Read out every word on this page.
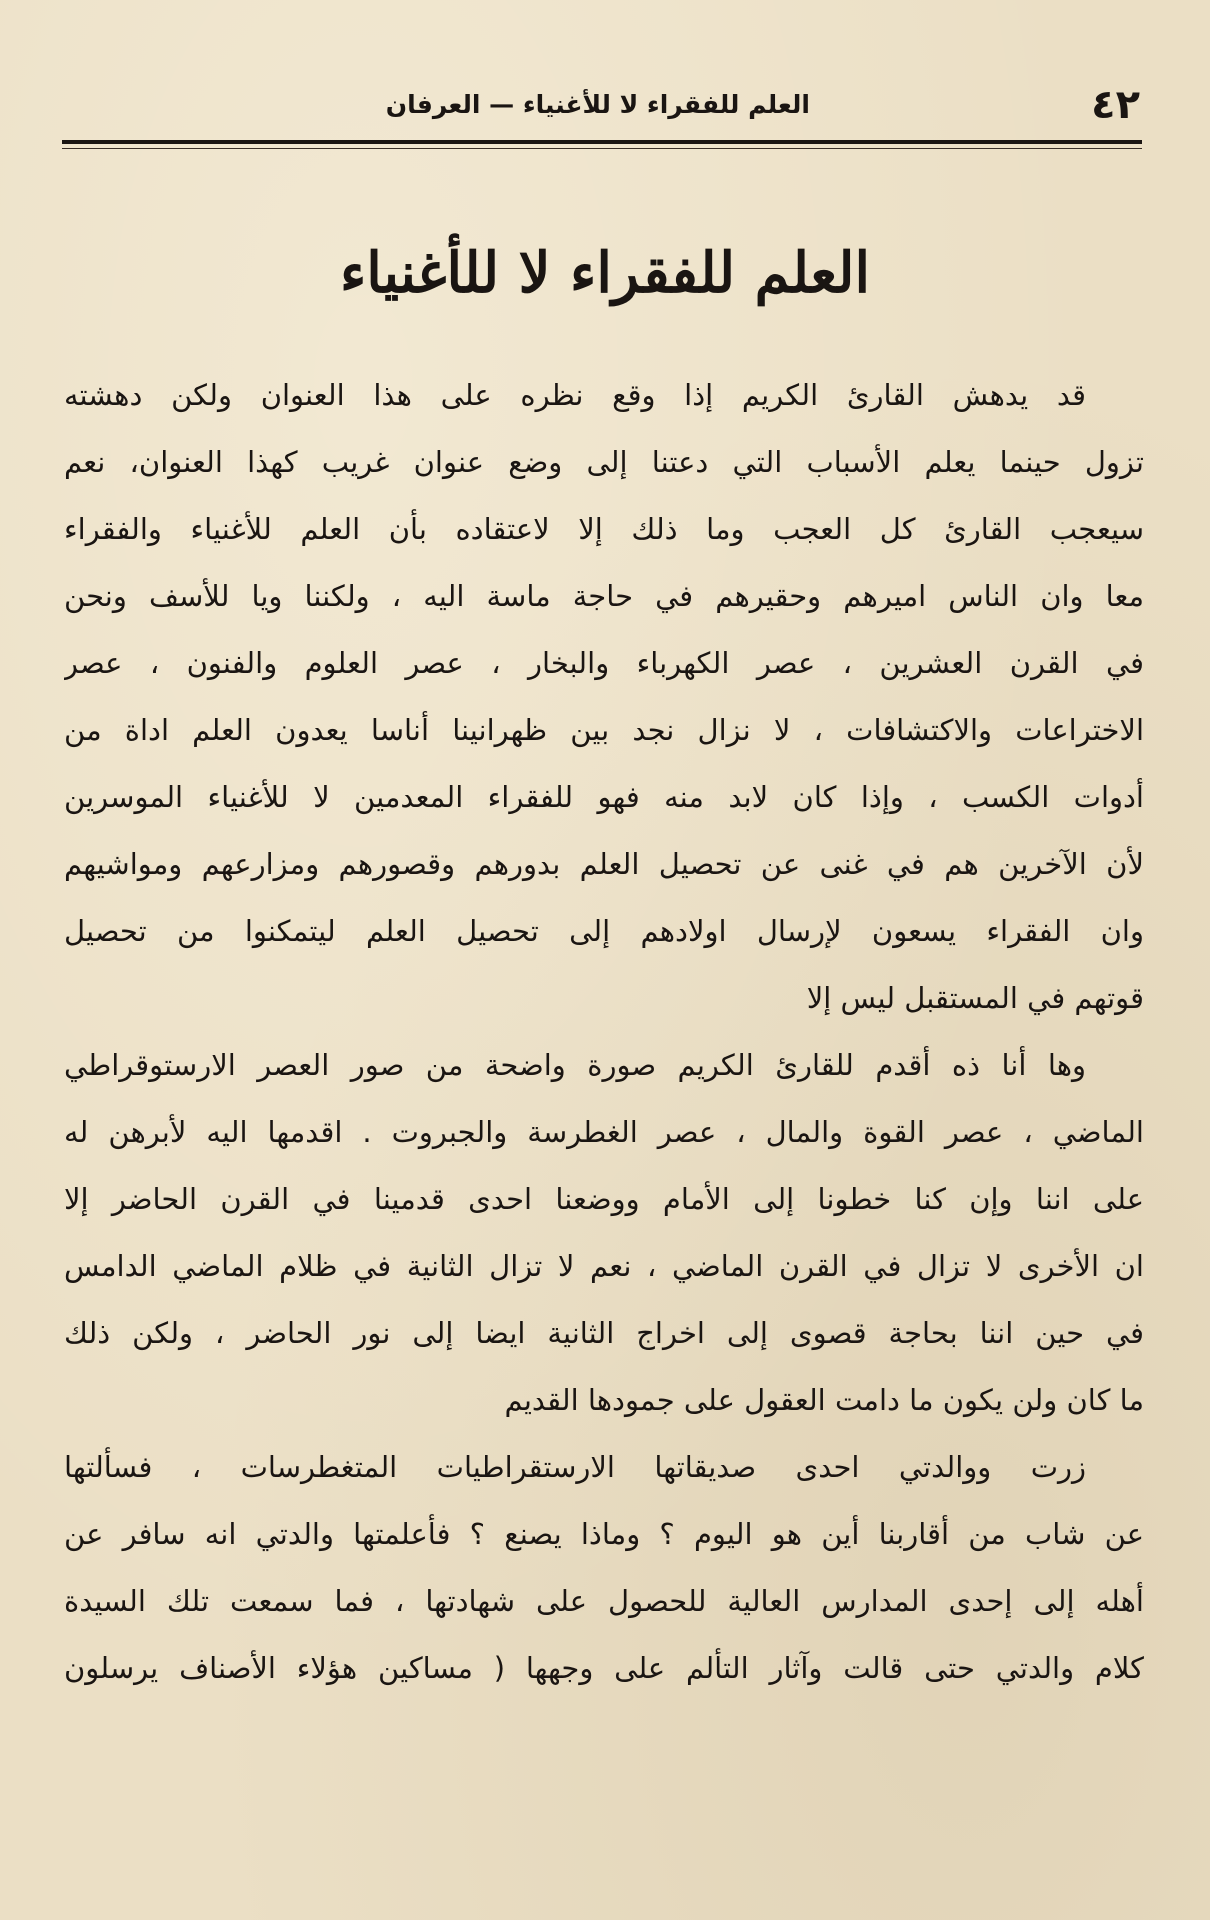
٤٢
العلم للفقراء لا للأغنياء — العرفان
العلم للفقراء لا للأغنياء
قد يدهش القارئ الكريم إذا وقع نظره على هذا العنوان ولكن دهشته
تزول حينما يعلم الأسباب التي دعتنا إلى وضع عنوان غريب كهذا العنوان، نعم
سيعجب القارئ كل العجب وما ذلك إلا لاعتقاده بأن العلم للأغنياء والفقراء
معا وان الناس اميرهم وحقيرهم في حاجة ماسة اليه ، ولكننا ويا للأسف ونحن
في القرن العشرين ، عصر الكهرباء والبخار ، عصر العلوم والفنون ، عصر
الاختراعات والاكتشافات ، لا نزال نجد بين ظهرانينا أناسا يعدون العلم اداة من
أدوات الكسب ، وإذا كان لابد منه فهو للفقراء المعدمين لا للأغنياء الموسرين
لأن الآخرين هم في غنى عن تحصيل العلم بدورهم وقصورهم ومزارعهم ومواشيهم
وان الفقراء يسعون لإرسال اولادهم إلى تحصيل العلم ليتمكنوا من تحصيل
قوتهم في المستقبل ليس إلا
وها أنا ذه أقدم للقارئ الكريم صورة واضحة من صور العصر الارستوقراطي
الماضي ، عصر القوة والمال ، عصر الغطرسة والجبروت . اقدمها اليه لأبرهن له
على اننا وإن كنا خطونا إلى الأمام ووضعنا احدى قدمينا في القرن الحاضر إلا
ان الأخرى لا تزال في القرن الماضي ، نعم لا تزال الثانية في ظلام الماضي الدامس
في حين اننا بحاجة قصوى إلى اخراج الثانية ايضا إلى نور الحاضر ، ولكن ذلك
ما كان ولن يكون ما دامت العقول على جمودها القديم
زرت ووالدتي احدى صديقاتها الارستقراطيات المتغطرسات ، فسألتها
عن شاب من أقاربنا أين هو اليوم ؟ وماذا يصنع ؟ فأعلمتها والدتي انه سافر عن
أهله إلى إحدى المدارس العالية للحصول على شهادتها ، فما سمعت تلك السيدة
كلام والدتي حتى قالت وآثار التألم على وجهها ( مساكين هؤلاء الأصناف يرسلون
